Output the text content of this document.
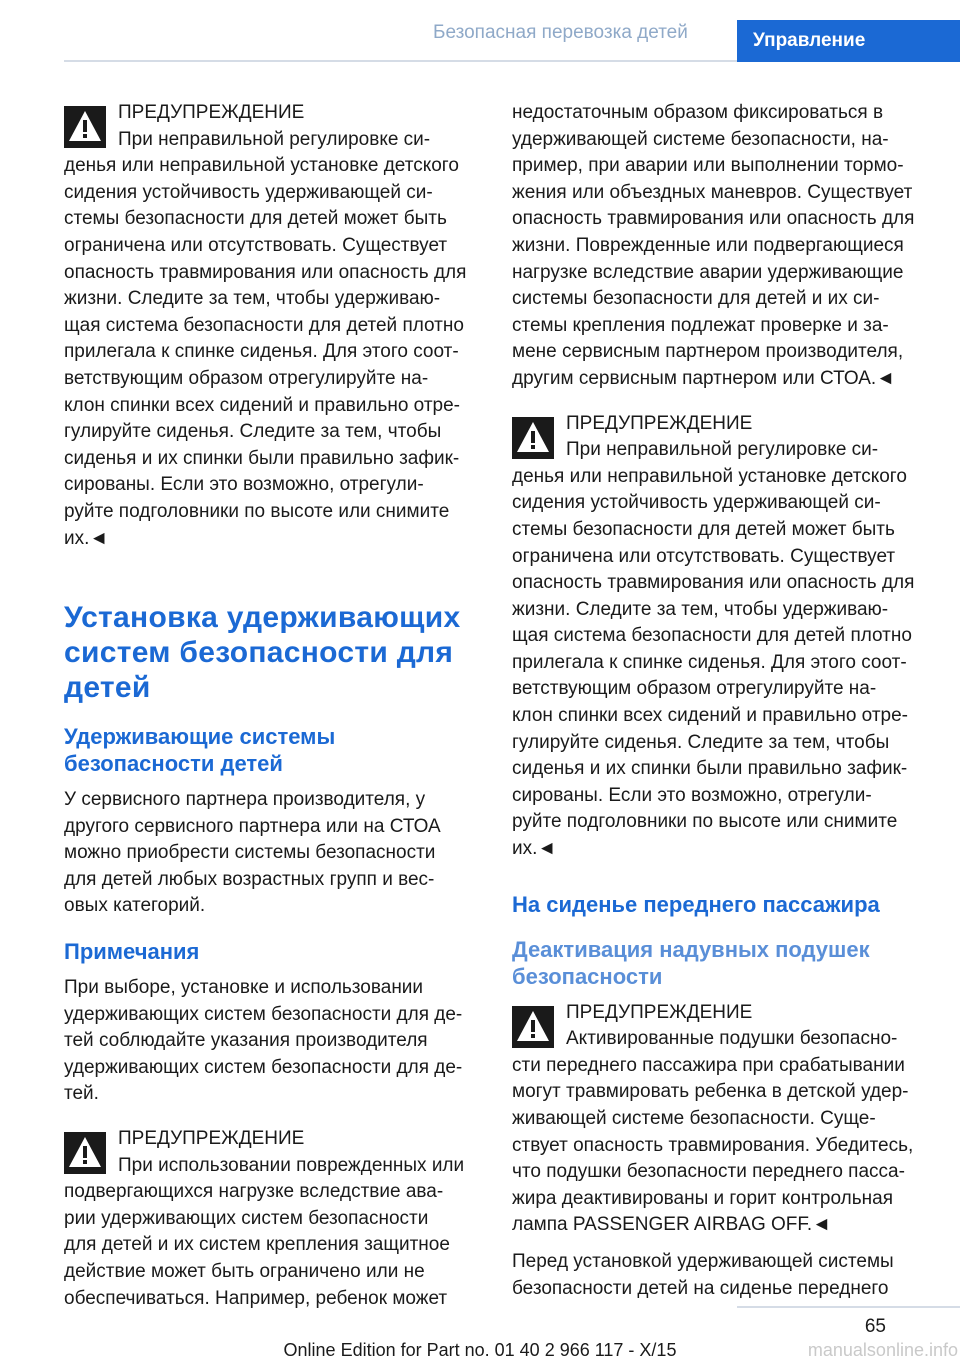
Безопасная перевозка детей	Управление

ПРЕДУПРЕЖДЕНИЕ

При неправильной регулировке си-

денья или неправильной установке детского

сидения устойчивость удерживающей си-

стемы безопасности для детей может быть

ограничена или отсутствовать. Существует

опасность травмирования или опасность для

жизни. Следите за тем, чтобы удерживаю-

щая система безопасности для детей плотно

прилегала к спинке сиденья. Для этого соот-

ветствующим образом отрегулируйте на-

клон спинки всех сидений и правильно отре-

гулируйте сиденья. Следите за тем, чтобы

сиденья и их спинки были правильно зафик-

сированы. Если это возможно, отрегули-

руйте подголовники по высоте или снимите

их.◄

Установка удерживающих
систем безопасности для
детей
Удерживающие системы
безопасности детей

У сервисного партнера производителя, у

другого сервисного партнера или на СТОА

можно приобрести системы безопасности

для детей любых возрастных групп и вес-

овых категорий.

Примечания

При выборе, установке и использовании

удерживающих систем безопасности для де-

тей соблюдайте указания производителя

удерживающих систем безопасности для де-

тей.

ПРЕДУПРЕЖДЕНИЕ

При использовании поврежденных или

подвергающихся нагрузке вследствие ава-

рии удерживающих систем безопасности

для детей и их систем крепления защитное

действие может быть ограничено или не

обеспечиваться. Например, ребенок может

недостаточным образом фиксироваться в

удерживающей системе безопасности, на-

пример, при аварии или выполнении тормо-

жения или объездных маневров. Существует

опасность травмирования или опасность для

жизни. Поврежденные или подвергающиеся

нагрузке вследствие аварии удерживающие

системы безопасности для детей и их си-

стемы крепления подлежат проверке и за-

мене сервисным партнером производителя,

другим сервисным партнером или СТОА.◄

ПРЕДУПРЕЖДЕНИЕ

При неправильной регулировке си-

денья или неправильной установке детского

сидения устойчивость удерживающей си-

стемы безопасности для детей может быть

ограничена или отсутствовать. Существует

опасность травмирования или опасность для

жизни. Следите за тем, чтобы удерживаю-

щая система безопасности для детей плотно

прилегала к спинке сиденья. Для этого соот-

ветствующим образом отрегулируйте на-

клон спинки всех сидений и правильно отре-

гулируйте сиденья. Следите за тем, чтобы

сиденья и их спинки были правильно зафик-

сированы. Если это возможно, отрегули-

руйте подголовники по высоте или снимите

их.◄

На сиденье переднего пассажира
Деактивация надувных подушек
безопасности

ПРЕДУПРЕЖДЕНИЕ

Активированные подушки безопасно-

сти переднего пассажира при срабатывании

могут травмировать ребенка в детской удер-

живающей системе безопасности. Суще-

ствует опасность травмирования. Убедитесь,

что подушки безопасности переднего пасса-

жира деактивированы и горит контрольная

лампа PASSENGER AIRBAG OFF.◄

Перед установкой удерживающей системы

безопасности детей на сиденье переднего

65
Online Edition for Part no. 01 40 2 966 117 - X/15	manualsonline.info
